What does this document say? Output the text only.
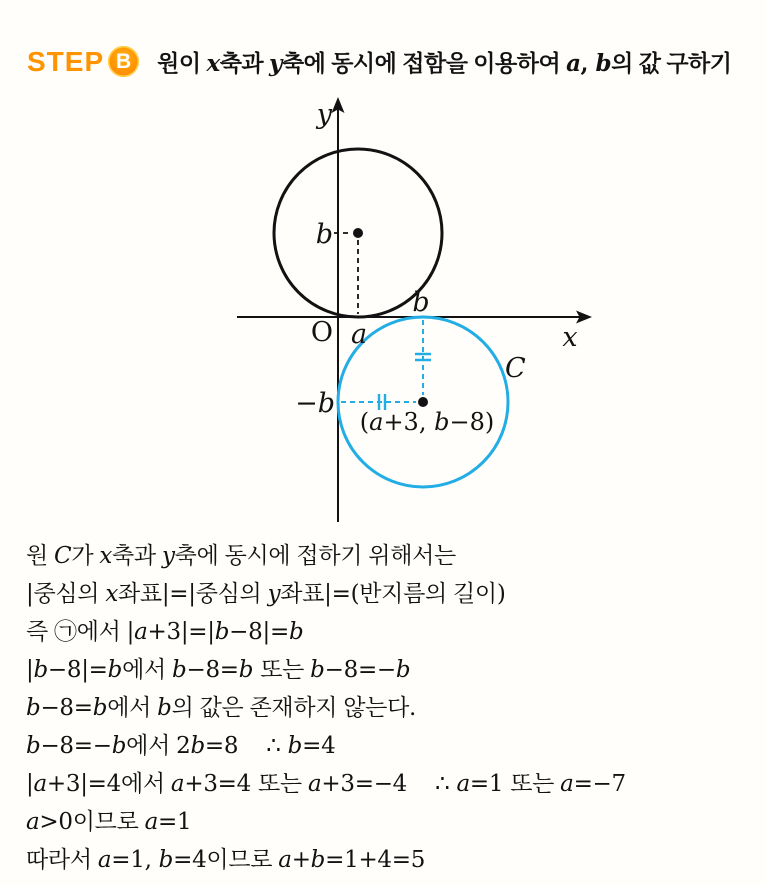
STEP B	원이 x축과 y축에 동시에 접함을 이용하여 a, b의 값 구하기
y
x
O a
b
b
−b
C
(a+3, b−8)
원 C가 x축과 y축에 동시에 접하기 위해서는
|중심의 x좌표|=|중심의 y좌표|=(반지름의 길이)
즉 ㉠에서 |a+3|=|b−8|=b
|b−8|=b에서 b−8=b 또는 b−8=−b
b−8=b에서 b의 값은 존재하지 않는다.
b−8=−b에서 2b=8 ∴ b=4
|a+3|=4에서 a+3=4 또는 a+3=−4 ∴ a=1 또는 a=−7
a>0이므로 a=1
따라서 a=1, b=4이므로 a+b=1+4=5
